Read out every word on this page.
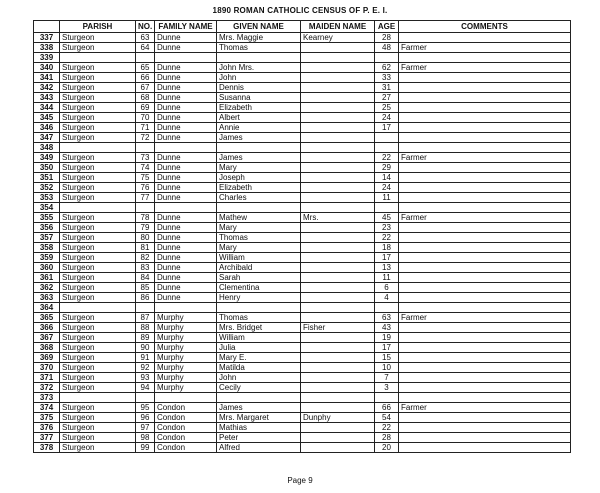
1890 ROMAN CATHOLIC CENSUS OF P. E. I.
	PARISH	NO.	FAMILY NAME	GIVEN NAME	MAIDEN NAME	AGE	COMMENTS
337	Sturgeon	63	Dunne	Mrs. Maggie	Kearney	28	
338	Sturgeon	64	Dunne	Thomas		48	Farmer
339							
340	Sturgeon	65	Dunne	John Mrs.		62	Farmer
341	Sturgeon	66	Dunne	John		33	
342	Sturgeon	67	Dunne	Dennis		31	
343	Sturgeon	68	Dunne	Susanna		27	
344	Sturgeon	69	Dunne	Elizabeth		25	
345	Sturgeon	70	Dunne	Albert		24	
346	Sturgeon	71	Dunne	Annie		17	
347	Sturgeon	72	Dunne	James			
348							
349	Sturgeon	73	Dunne	James		22	Farmer
350	Sturgeon	74	Dunne	Mary		29	
351	Sturgeon	75	Dunne	Joseph		14	
352	Sturgeon	76	Dunne	Elizabeth		24	
353	Sturgeon	77	Dunne	Charles		11	
354							
355	Sturgeon	78	Dunne	Mathew	Mrs.	45	Farmer
356	Sturgeon	79	Dunne	Mary		23	
357	Sturgeon	80	Dunne	Thomas		22	
358	Sturgeon	81	Dunne	Mary		18	
359	Sturgeon	82	Dunne	William		17	
360	Sturgeon	83	Dunne	Archibald		13	
361	Sturgeon	84	Dunne	Sarah		11	
362	Sturgeon	85	Dunne	Clementina		6	
363	Sturgeon	86	Dunne	Henry		4	
364							
365	Sturgeon	87	Murphy	Thomas		63	Farmer
366	Sturgeon	88	Murphy	Mrs. Bridget	Fisher	43	
367	Sturgeon	89	Murphy	William		19	
368	Sturgeon	90	Murphy	Julia		17	
369	Sturgeon	91	Murphy	Mary E.		15	
370	Sturgeon	92	Murphy	Matilda		10	
371	Sturgeon	93	Murphy	John		7	
372	Sturgeon	94	Murphy	Cecily		3	
373							
374	Sturgeon	95	Condon	James		66	Farmer
375	Sturgeon	96	Condon	Mrs. Margaret	Dunphy	54	
376	Sturgeon	97	Condon	Mathias		22	
377	Sturgeon	98	Condon	Peter		28	
378	Sturgeon	99	Condon	Alfred		20	
Page 9
